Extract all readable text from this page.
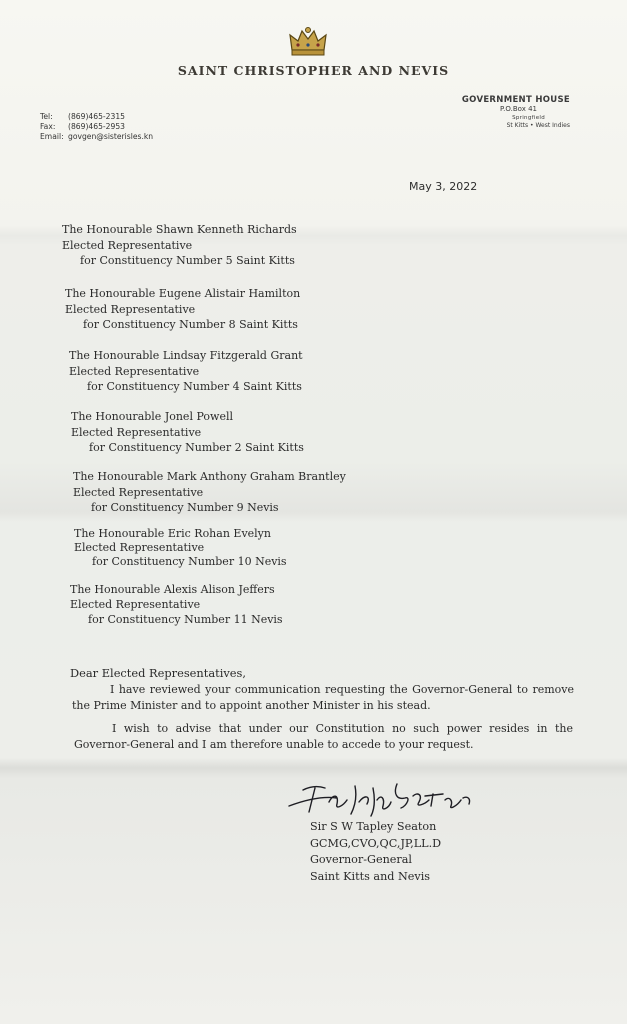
SAINT CHRISTOPHER AND NEVIS
Tel: (869)465-2315
Fax: (869)465-2953
Email: govgen@sisterisles.kn
GOVERNMENT HOUSE
P.O.Box 41
Springfield
St Kitts • West Indies
May 3, 2022
The Honourable Shawn Kenneth Richards
Elected Representative
for Constituency Number 5 Saint Kitts
The Honourable Eugene Alistair Hamilton
Elected Representative
for Constituency Number 8 Saint Kitts
The Honourable Lindsay Fitzgerald Grant
Elected Representative
for Constituency Number 4 Saint Kitts
The Honourable Jonel Powell
Elected Representative
for Constituency Number 2 Saint Kitts
The Honourable Mark Anthony Graham Brantley
Elected Representative
for Constituency Number 9 Nevis
The Honourable Eric Rohan Evelyn
Elected Representative
for Constituency Number 10 Nevis
The Honourable Alexis Alison Jeffers
Elected Representative
for Constituency Number 11 Nevis
Dear Elected Representatives,
I have reviewed your communication requesting the Governor-General to remove the Prime Minister and to appoint another Minister in his stead.
I wish to advise that under our Constitution no such power resides in the Governor-General and I am therefore unable to accede to your request.
Sir S W Tapley Seaton
GCMG,CVO,QC,JP,LL.D
Governor-General
Saint Kitts and Nevis
